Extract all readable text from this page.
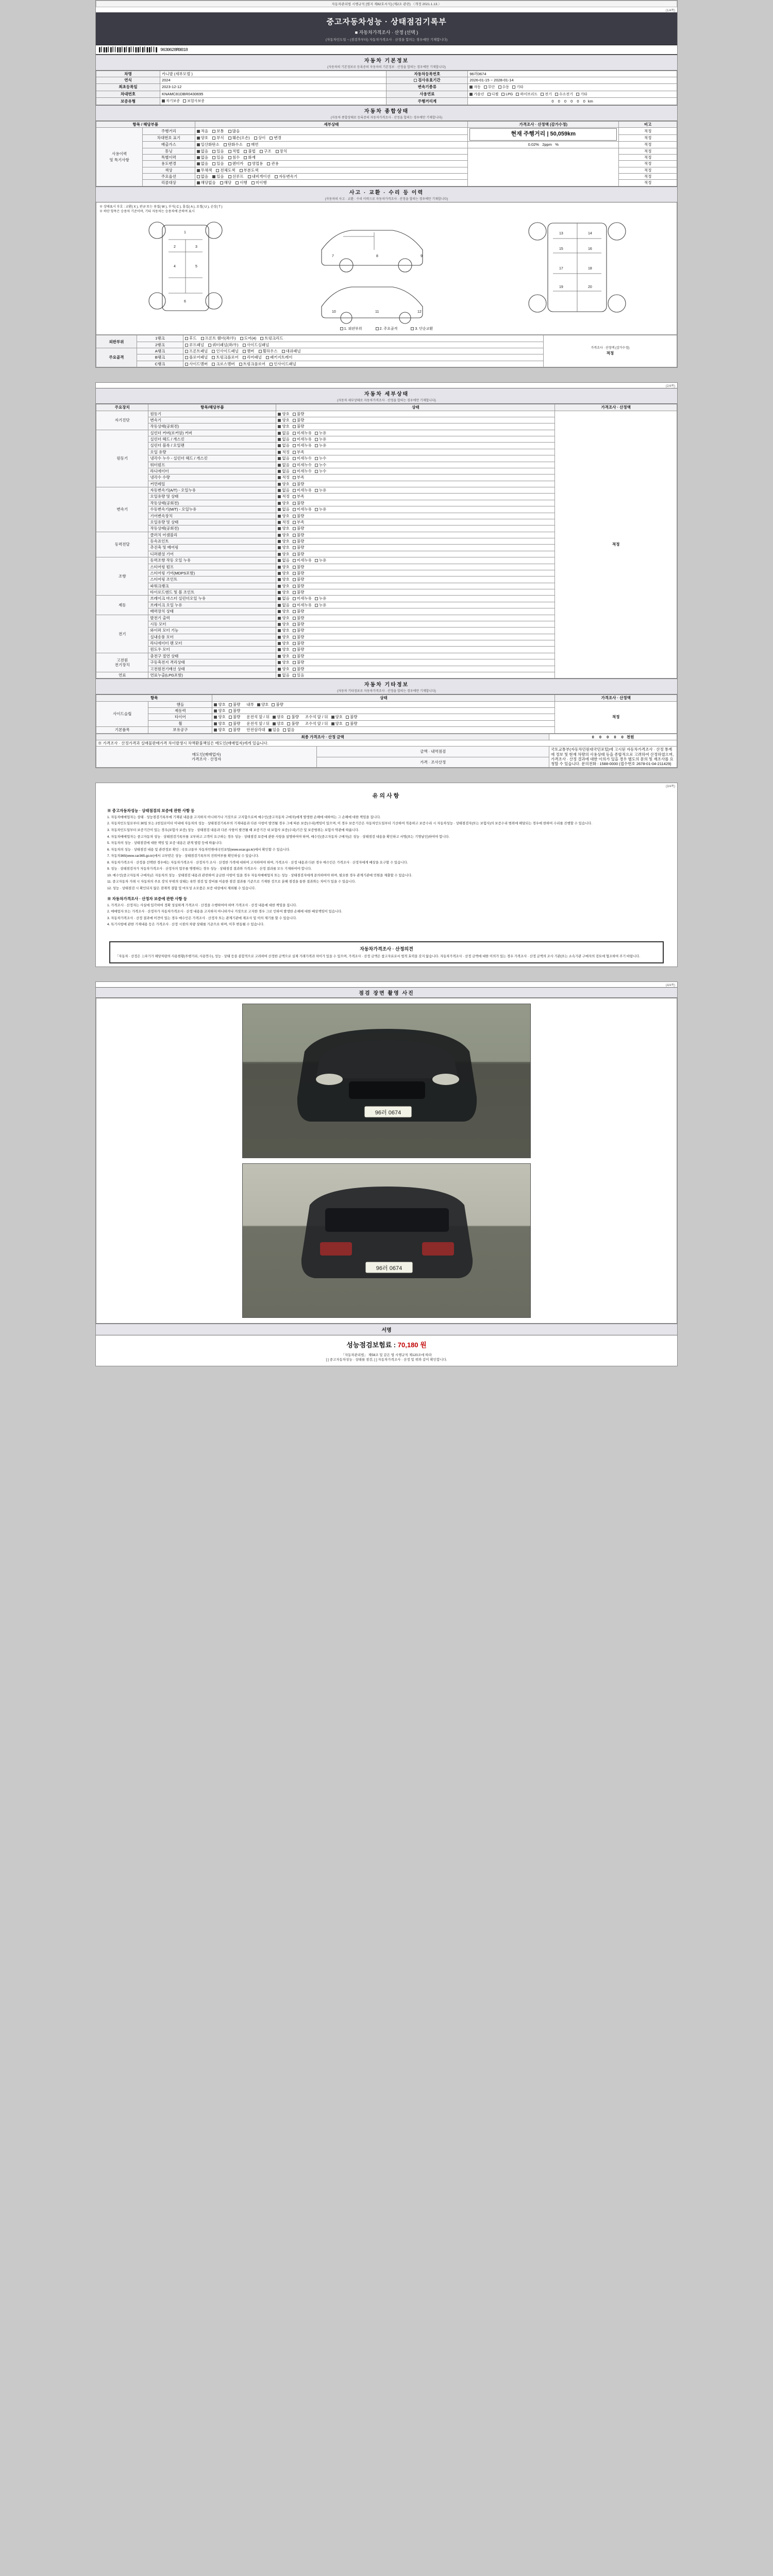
자동차관리법 시행규칙 [별지 제82호서식] (제2조 관련) 〈개정 2021.1.13.〉
(1/4쪽)
중고자동차성능 · 상태점검기록부
■ 자동차가격조사 · 산정 (선택 )
(자동차인도일 ~ (점검후부터) 자동차가격조사 · 산정을 합의는 경우에만 기재합니다)
▌▎▌▌▎▌▎▎▌▌▎▌▎▌▎▎▌▌▎▌▎▌▌▎▎▌ 9630628R0018
자동차 기본정보
(자동차의 기본정보로 등록증의 자동차의 기본정보 · 산정을 합의는 경우에만 기재합니다)
차명	카니발 (세부모델 )	자동차등록번호	96러0674
연식	2024	검사유효기간	2026-01-15 ~ 2028-01-14
최초등록일	2023-12-12	변속기종류	자동 무단 수동 기타
차대번호	KNAMC81DBR0430695	사용연료	가솔린 디젤 LPG 하이브리드 전기 수소전기 기타
보증유형	자기보증 보험사보증	주행거리계	0 0 0 0 0 0 km
자동차 종합상태
(자동차 종합상태로 등록증의 자동차가격조사 · 산정을 합의는 경우에만 기재합니다)
항목 / 해당부품		세부상태	가격조사 · 산정액 (감가수정)	비고
사용이력
및 특기사항	주행거리	적음 보통 많음	현재 주행거리 | 50,059km	적정
	차대번호 표기	양호 부식 훼손(오손) 상이 변경		적정
	배출가스	일산화탄소 탄화수소 매연	0.02% 2ppm %	적정
	튜닝	없음 있음 적법 불법 구조 장치		적정
	특별이력	없음 있음 침수 화재		적정
	용도변경	없음 있음 렌터카 영업용 관용		적정
	색상	무채색 전체도색 부분도색		적정
	주요옵션	없음 있음 선루프 내비게이션 자동변속기		적정
	리콜대상	해당없음 해당 이행 미이행		적정
사고 · 교환 · 수리 등 이력
(자동차의 사고 · 교환 · 수리 이력으로 자동차가격조사 · 산정을 합의는 경우에만 기재합니다)
※ 상태표시 부호 : 교환( X ), 판금 또는 용접( W ), 부식( C ), 흠집( A ), 요철( U ), 손상( T )
※ 하단 항목은 승용차 기준이며, 기타 자동차는 승용차에 준하여 표시
1
2	3
4	5
6
7	8	9
10	11	12
13	14
15	16
17	18
19	20
1. 외판부위	2. 주요골격	3. 단순교환
외판부위	1랭크	후드 프론트 휀더(좌/우) 도어(4) 트렁크리드	가격조사 · 산정액 (감가수정)
적정

	2랭크	루프패널 쿼터패널(좌/우) 사이드실패널	
주요골격	A랭크	프론트패널 인사이드패널 멤버 휠하우스 대쉬패널	
	B랭크	플로어패널 트렁크플로어 리어패널 패키지트레이	
	C랭크	사이드멤버 크로스멤버 트렁크플로어 인사이드패널	
(2/4쪽)
자동차 세부상태
(자동차 세부상태로 자동차가격조사 · 산정을 합의는 경우에만 기재합니다)
주요장치	항목/해당부품	상태	가격조사 · 산정액
자기진단	원동기	양호 불량	적정
	변속기	양호 불량	
	작동상태(공회전)	양호 불량	
원동기	실린더 커버(로커암) 커버	없음 미세누유 누유	
	실린더 헤드 / 개스킷	없음 미세누유 누유	
	실린더 블록 / 오일팬	없음 미세누유 누유	
	오일 유량	적정 부족	
	냉각수 누수 - 실린더 헤드 / 개스킷	없음 미세누수 누수	
	워터펌프	없음 미세누수 누수	
	라디에이터	없음 미세누수 누수	
	냉각수 수량	적정 부족	
	커먼레일	양호 불량	
변속기	자동변속기(A/T) - 오일누유	없음 미세누유 누유	
	오일유량 및 상태	적정 부족	
	작동상태(공회전)	양호 불량	
	수동변속기(M/T) - 오일누유	없음 미세누유 누유	
	기어변속장치	양호 불량	
	오일유량 및 상태	적정 부족	
	작동상태(공회전)	양호 불량	
동력전달	클러치 어셈블리	양호 불량	
	등속죠인트	양호 불량	
	추진축 및 베어링	양호 불량	
	디퍼렌셜 기어	양호 불량	
조향	동력조향 작동 오일 누유	없음 미세누유 누유	
	스티어링 펌프	양호 불량	
	스티어링 기어(MDPS포함)	양호 불량	
	스티어링 조인트	양호 불량	
	파워크랭크	양호 불량	
	타이로드엔드 및 볼 조인트	양호 불량	
제동	브레이크 마스터 실린더오일 누유	없음 미세누유 누유	
	브레이크 오일 누유	없음 미세누유 누유	
	배력장치 상태	양호 불량	
전기	발전기 출력	양호 불량	
	시동 모터	양호 불량	
	와이퍼 모터 기능	양호 불량	
	실내송풍 모터	양호 불량	
	라디에이터 팬 모터	양호 불량	
	윈도우 모터	양호 불량	
고전원
전기장치	충전구 절연 상태	양호 불량	
	구동축전지 격리상태	양호 불량	
	고전원전기배선 상태	양호 불량	
연료	연료누출(LPG포함)	없음 있음	
자동차 기타정보
(자동차 기타정보로 자동차가격조사 · 산정을 합의는 경우에만 기재합니다)
항목		상태	가격조사 · 산정액
사이드슬립	핸들	양호 불량 내부 양호 불량	적정
	제동력	양호 불량	
	타이어	양호 불량 운전석 앞 / 뒤 양호 불량 조수석 앞 / 뒤 양호 불량	
	휠	양호 불량 운전석 앞 / 뒤 양호 불량 조수석 앞 / 뒤 양호 불량	
기본품목	보유공구	양호 불량 안전삼각대 있음 없음	
최종 가격조사 · 산정 금액		0 0 0 0 0 천원
※ 가격조사 · 산정가격과 실매물판매가격 차이발생시 차액환불책임은 매도인(매매업자)에게 있습니다.		

매도인(매매업자)
가격조사 · 산정자	금액 · 내역점검	국토교통부(자동차민원대국민포털)에 고시된 자동차가격조사 · 산정 통계에 정보 및 현재 차량의 사용상태 등을 종합적으로 고려하여 산정하였으며, 가격조사 · 산정 결과에 대한 이의가 있을 경우 별도의 문의 및 재조사를 요청할 수 있습니다. 문의전화 : 1588-0000 (접수번호 2678-01-04-211429)
	가격 · 조사산정	
(3/4쪽)
유의사항
※ 중고자동차성능 · 상태점검의 보증에 관한 사항 등
1. 자동차매매업자는 상태 · 성능점검기록부에 기재된 내용을 고지하지 아니하거나 거짓으로 고지함으로써 매수인(중고자동차 구매자)에게 발생한 손해에 대하여는 그 손해에 대한 책임을 집니다.
2. 자동차인도일로부터 30일 또는 2천킬로미터 이내에 자동차의 성능 · 상태점검기록부의 기재내용과 다른 사항이 발견될 경우 그에 따른 보증(수리)책임이 있으며, 이 경우 보증기간은 자동차인도일부터 기산하여 적용하고 보증수리 시 자동차성능 · 상태점검자(또는 보험사)의 보증수리 범위에 해당되는 경우에 한하여 수리를 진행할 수 있습니다.
3. 자동차인도일부터 보증기간이 있는 경우(보험사 보증) 성능 · 상태점검 내용과 다른 사항이 발견될 때 보증기간 내 보험사 보증(수리)기간 및 보증범위는 보험사 약관에 따릅니다.
4. 자동차매매업자는 중고자동차 성능 · 상태점검기록부를 교부하고 고객이 요구하는 경우 성능 · 상태점검 보증에 관한 사항을 설명하여야 하며, 매수인(중고자동차 구매자)은 성능 · 상태점검 내용을 확인하고 서명(또는 기명날인)하여야 합니다.
5. 자동차의 성능 · 상태점검에 대한 책임 및 보증 내용은 관계 법령 등에 따릅니다.
6. 자동차의 성능 · 상태점검 내용 및 관련정보 확인 : 국토교통부 자동차민원대국민포털(www.ecar.go.kr)에서 확인할 수 있습니다.
7. 자동차365(www.car365.go.kr)에서 교부받은 성능 · 상태점검기록부의 진위여부를 확인하실 수 있습니다.
8. 자동차가격조사 · 산정을 선택한 경우에는 자동차가격조사 · 산정자가 조사 · 산정한 가격에 대하여 고지하여야 하며, 가격조사 · 산정 내용과 다른 경우 매수인은 가격조사 · 산정자에게 배상을 요구할 수 있습니다.
9. 성능 · 상태점검자가 자동차가격조사 · 산정자의 업무를 병행하는 경우 성능 · 상태점검 결과와 가격조사 · 산정 결과를 모두 기재하여야 합니다.
10. 매수인(중고자동차 구매자)은 자동차의 성능 · 상태점검 내용과 관련하여 궁금한 사항이 있을 경우 자동차매매업자 또는 성능 · 상태점검자에게 문의하여야 하며, 필요한 경우 관계기관에 민원을 제출할 수 있습니다.
11. 중고자동차 거래 시 자동차의 주요 장치 부위의 상태는 육안 점검 및 장비를 이용한 점검 결과를 기준으로 기재한 것으로 분해 점검을 통한 결과와는 차이가 있을 수 있습니다.
12. 성능 · 상태점검 시 확인되지 않은 잠재적 결함 및 마모성 소모품은 보증 대상에서 제외될 수 있습니다.
※ 자동차가격조사 · 산정자 보증에 관한 사항 등
1. 가격조사 · 산정자는 사실에 입각하여 정확 성실하게 가격조사 · 산정을 수행하여야 하며 가격조사 · 산정 내용에 대한 책임을 집니다.
2. 매매업자 또는 가격조사 · 산정자가 자동차가격조사 · 산정 내용을 고지하지 아니하거나 거짓으로 고지한 경우 그로 인하여 발생한 손해에 대한 배상책임이 있습니다.
3. 자동차가격조사 · 산정 결과에 이견이 있는 경우 매수인은 가격조사 · 산정자 또는 관계기관에 재조사 및 이의 제기를 할 수 있습니다.
4. 특기사항에 관한 기재내용 등은 가격조사 · 산정 시점의 차량 상태를 기준으로 하며, 이후 변동될 수 있습니다.
자동차가격조사 · 산정의견
「자동차 · 산정은 上파기가 해당차량의 사용현황(주행거리, 사용연수), 성능 · 상태 등을 종합적으로 고려하여 산정한 금액으로 실제 거래가격과 차이가 있을 수 있으며, 가격조사 · 산정 금액은 참고자료로서 법적 효력을 갖지 않습니다. 자동차가격조사 · 산정 금액에 대한 이의가 있는 경우 가격조사 · 산정 금액의 조사 기관(또는 소속기관 구매자의 검토에 협조하여 주기 바랍니다.
(4/4쪽)
점검 장면 촬영 사진
96러 0674
96러 0674
서명
성능점검보험료 : 70,180 원
「자동차관리법」 제58조 및 같은 법 시행규칙 제120조에 따라
[ ] 중고자동차성능 · 상태를 점검, [ ] 자동차가격조사 · 산정 및 위와 같이 확인합니다.
